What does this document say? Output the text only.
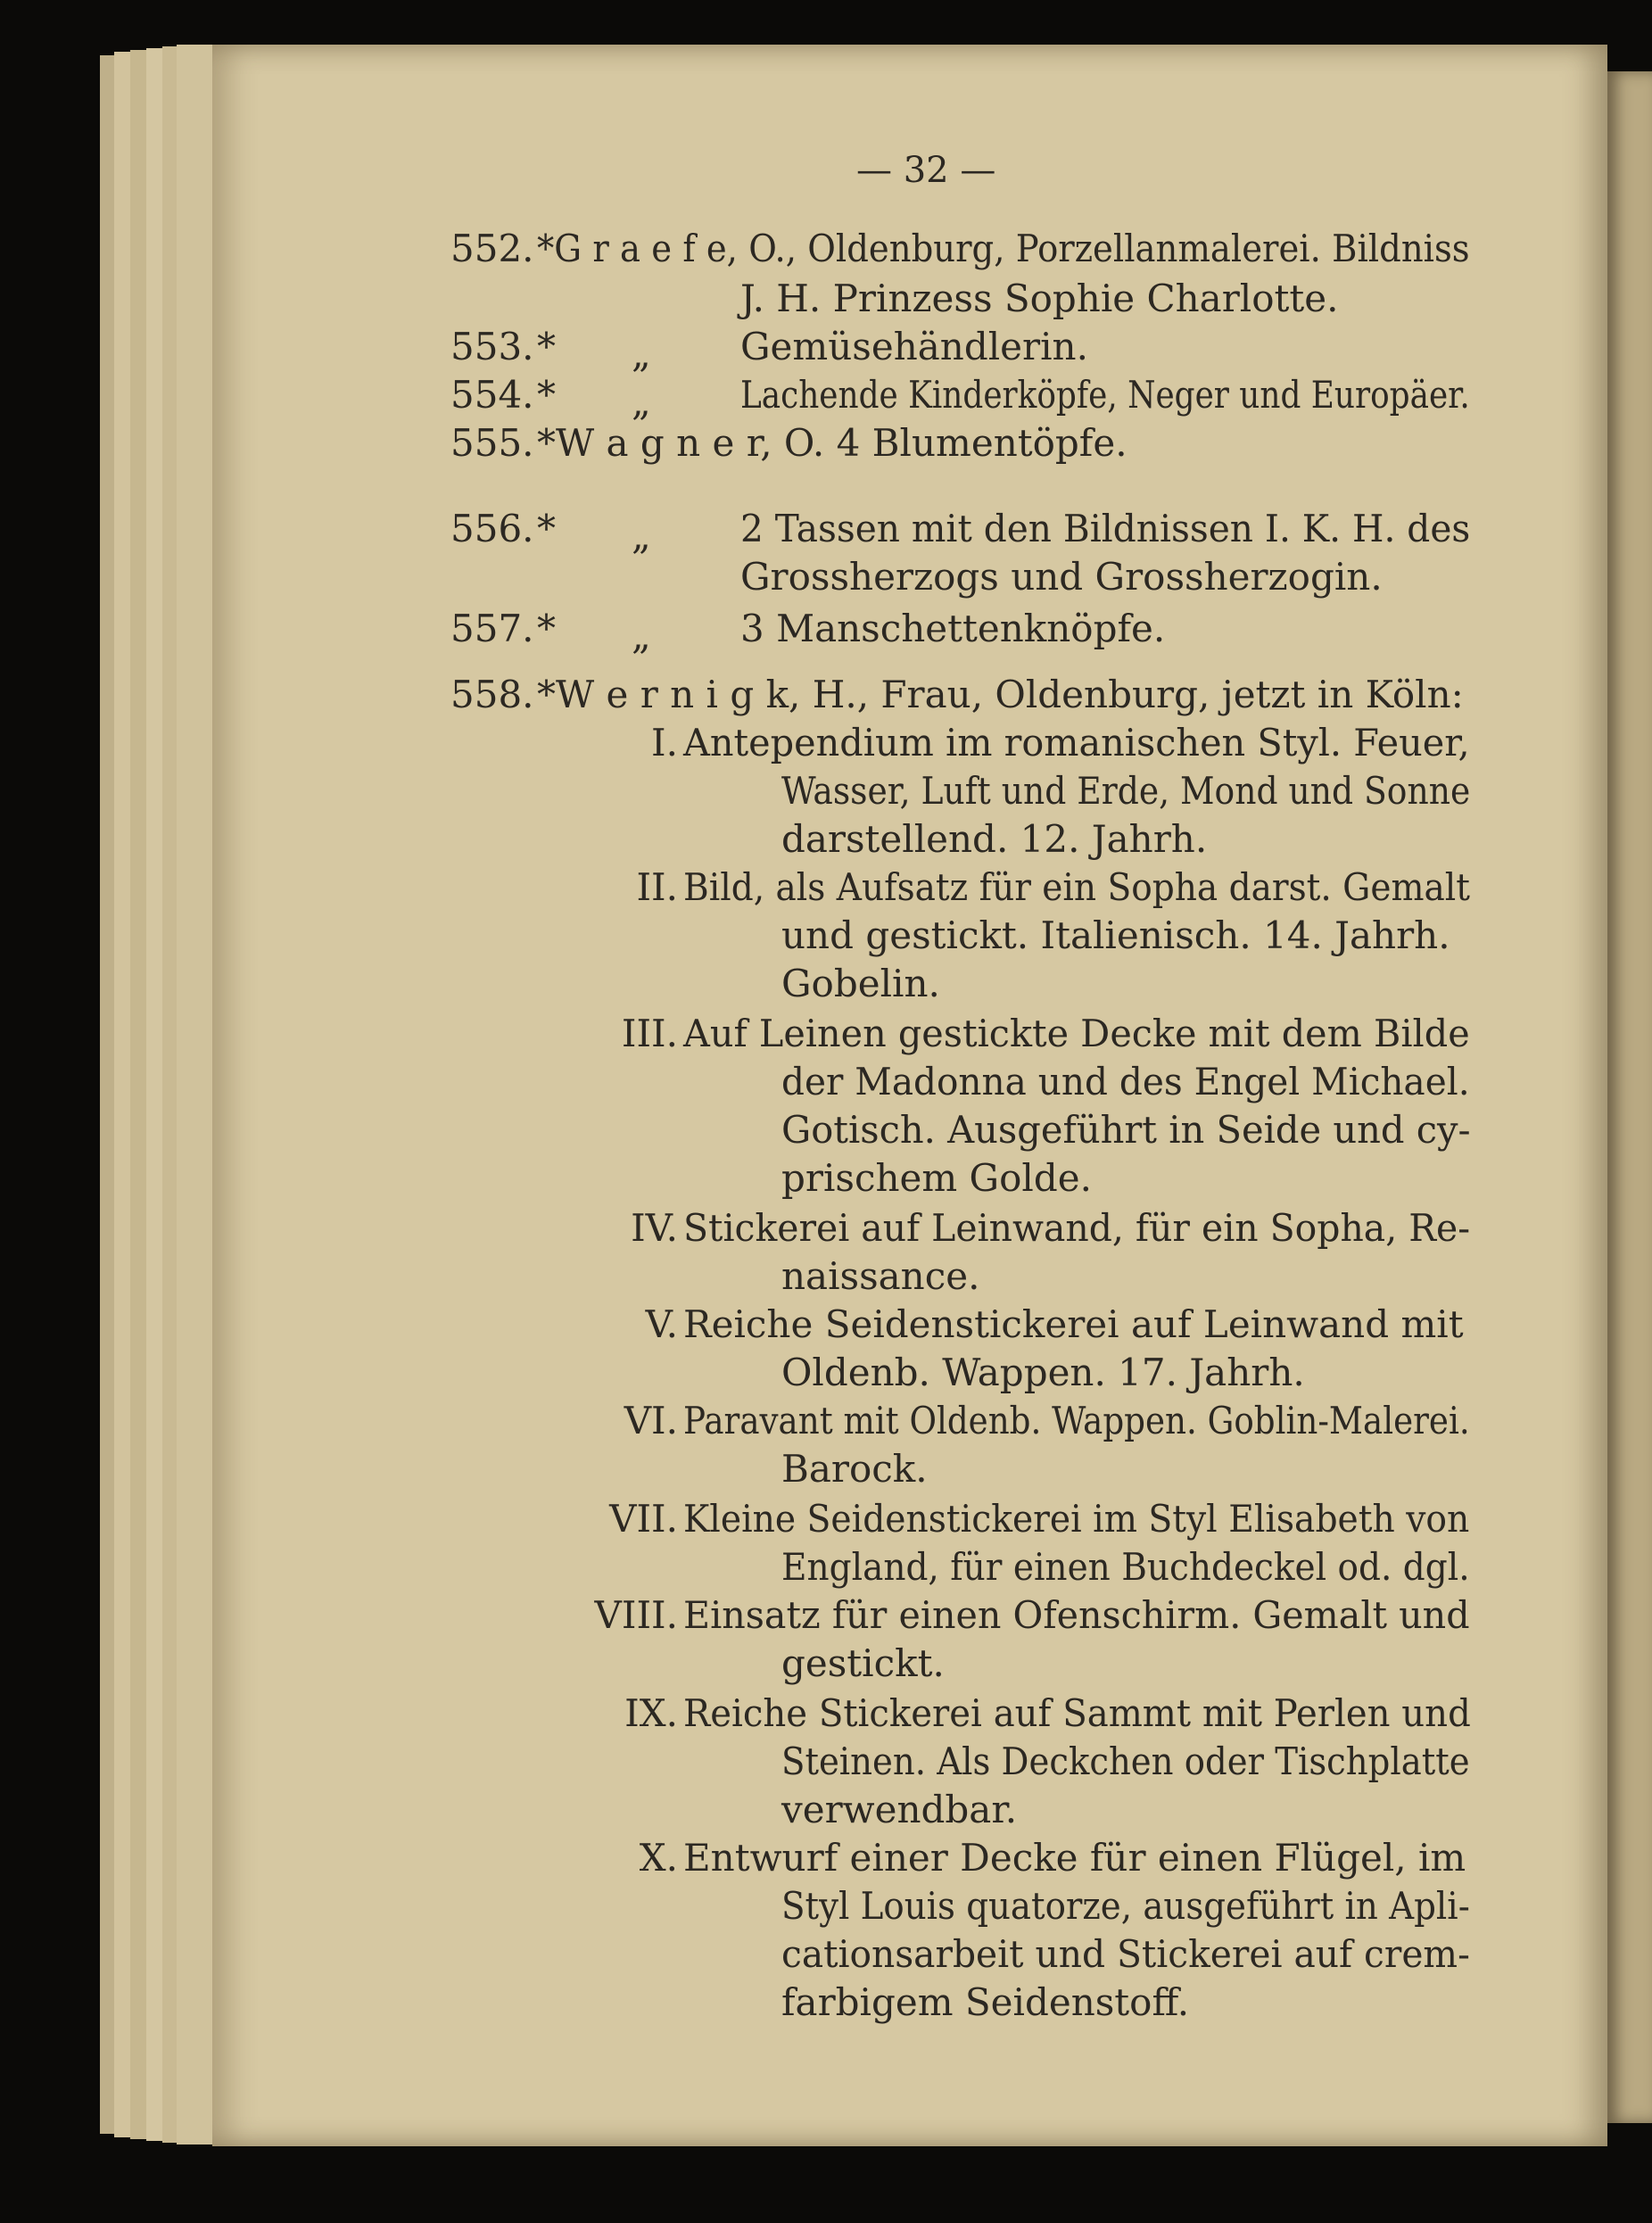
— 32 —
552. *G r a e f e, O., Oldenburg, Porzellanmalerei. Bildniss
J. H. Prinzess Sophie Charlotte.
553. * „ Gemüsehändlerin.
554. * „ Lachende Kinderköpfe, Neger und Europäer.
555. *W a g n e r, O. 4 Blumentöpfe.
556. * „ 2 Tassen mit den Bildnissen I. K. H. des
Grossherzogs und Grossherzogin.
557. * „ 3 Manschettenknöpfe.
558. *W e r n i g k, H., Frau, Oldenburg, jetzt in Köln:
I. Antependium im romanischen Styl. Feuer,
Wasser, Luft und Erde, Mond und Sonne
darstellend. 12. Jahrh.
II. Bild, als Aufsatz für ein Sopha darst. Gemalt
und gestickt. Italienisch. 14. Jahrh.
Gobelin.
III. Auf Leinen gestickte Decke mit dem Bilde
der Madonna und des Engel Michael.
Gotisch. Ausgeführt in Seide und cy-
prischem Golde.
IV. Stickerei auf Leinwand, für ein Sopha, Re-
naissance.
V. Reiche Seidenstickerei auf Leinwand mit
Oldenb. Wappen. 17. Jahrh.
VI. Paravant mit Oldenb. Wappen. Goblin-Malerei.
Barock.
VII. Kleine Seidenstickerei im Styl Elisabeth von
England, für einen Buchdeckel od. dgl.
VIII. Einsatz für einen Ofenschirm. Gemalt und
gestickt.
IX. Reiche Stickerei auf Sammt mit Perlen und
Steinen. Als Deckchen oder Tischplatte
verwendbar.
X. Entwurf einer Decke für einen Flügel, im
Styl Louis quatorze, ausgeführt in Apli-
cationsarbeit und Stickerei auf crem-
farbigem Seidenstoff.
